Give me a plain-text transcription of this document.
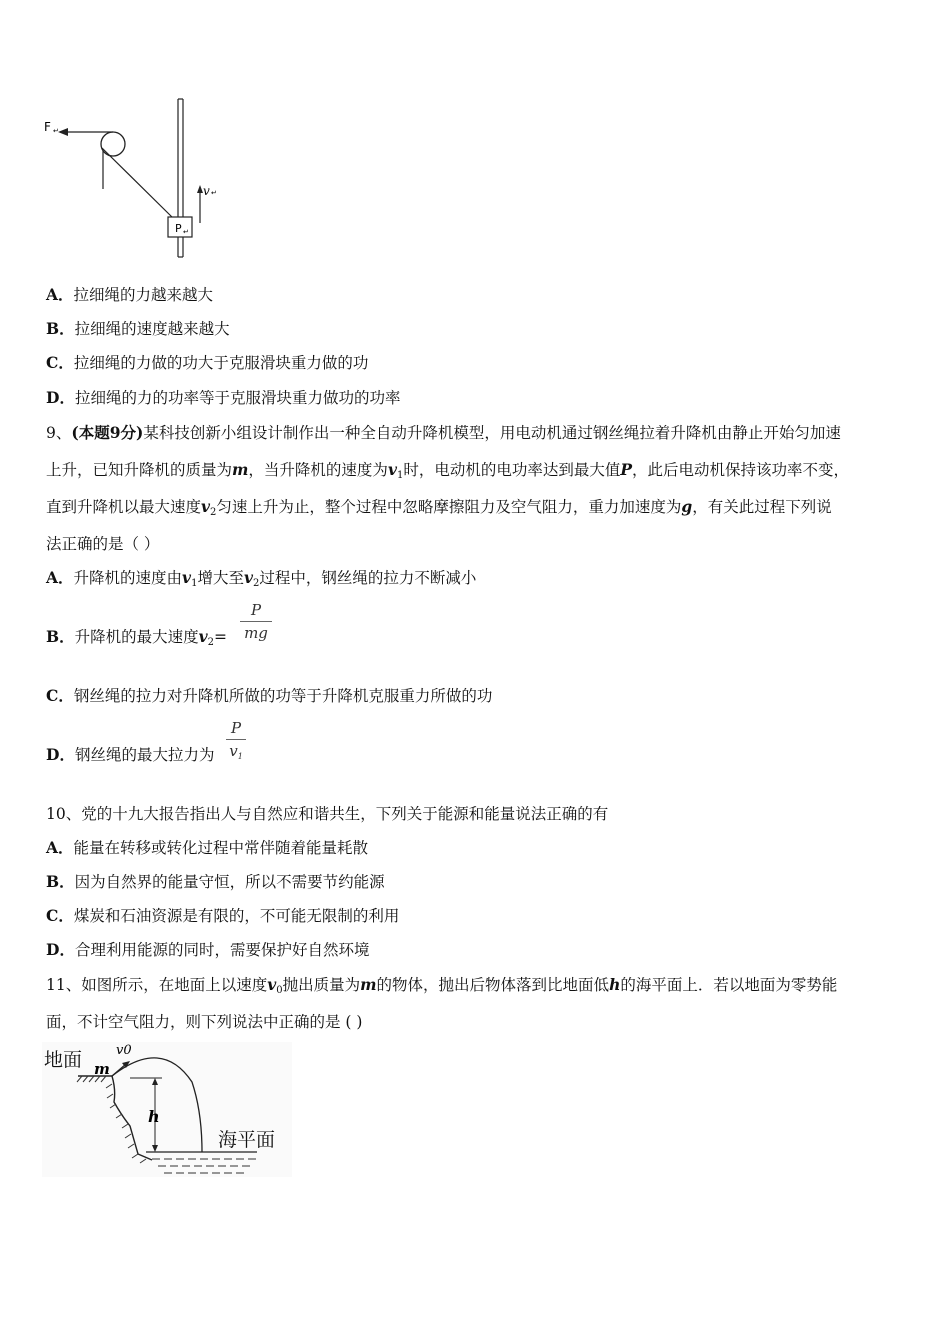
F ↵
v ↵
P ↵
A．拉细绳的力越来越大
B．拉细绳的速度越来越大
C．拉细绳的力做的功大于克服滑块重力做的功
D．拉细绳的力的功率等于克服滑块重力做功的功率
9、(本题9分)某科技创新小组设计制作出一种全自动升降机模型，用电动机通过钢丝绳拉着升降机由静止开始匀加速
上升，已知升降机的质量为m，当升降机的速度为$v_1$时，电动机的电功率达到最大值P，此后电动机保持该功率不变，
直到升降机以最大速度$v_2$匀速上升为止，整个过程中忽略摩擦阻力及空气阻力，重力加速度为g，有关此过程下列说
法正确的是（ ）
A．升降机的速度由$v_1$增大至$v_2$过程中，钢丝绳的拉力不断减小
B．升降机的最大速度$v_2=$
P
mg
C．钢丝绳的拉力对升降机所做的功等于升降机克服重力所做的功
D．钢丝绳的最大拉力为
P
$v_1$
10、党的十九大报告指出人与自然应和谐共生，下列关于能源和能量说法正确的有
A．能量在转移或转化过程中常伴随着能量耗散
B．因为自然界的能量守恒，所以不需要节约能源
C．煤炭和石油资源是有限的，不可能无限制的利用
D．合理利用能源的同时，需要保护好自然环境
11、如图所示，在地面上以速度$v_0$抛出质量为m的物体，抛出后物体落到比地面低h的海平面上．若以地面为零势能
面，不计空气阻力，则下列说法中正确的是 ( )
地面 m
v0
h
海平面
